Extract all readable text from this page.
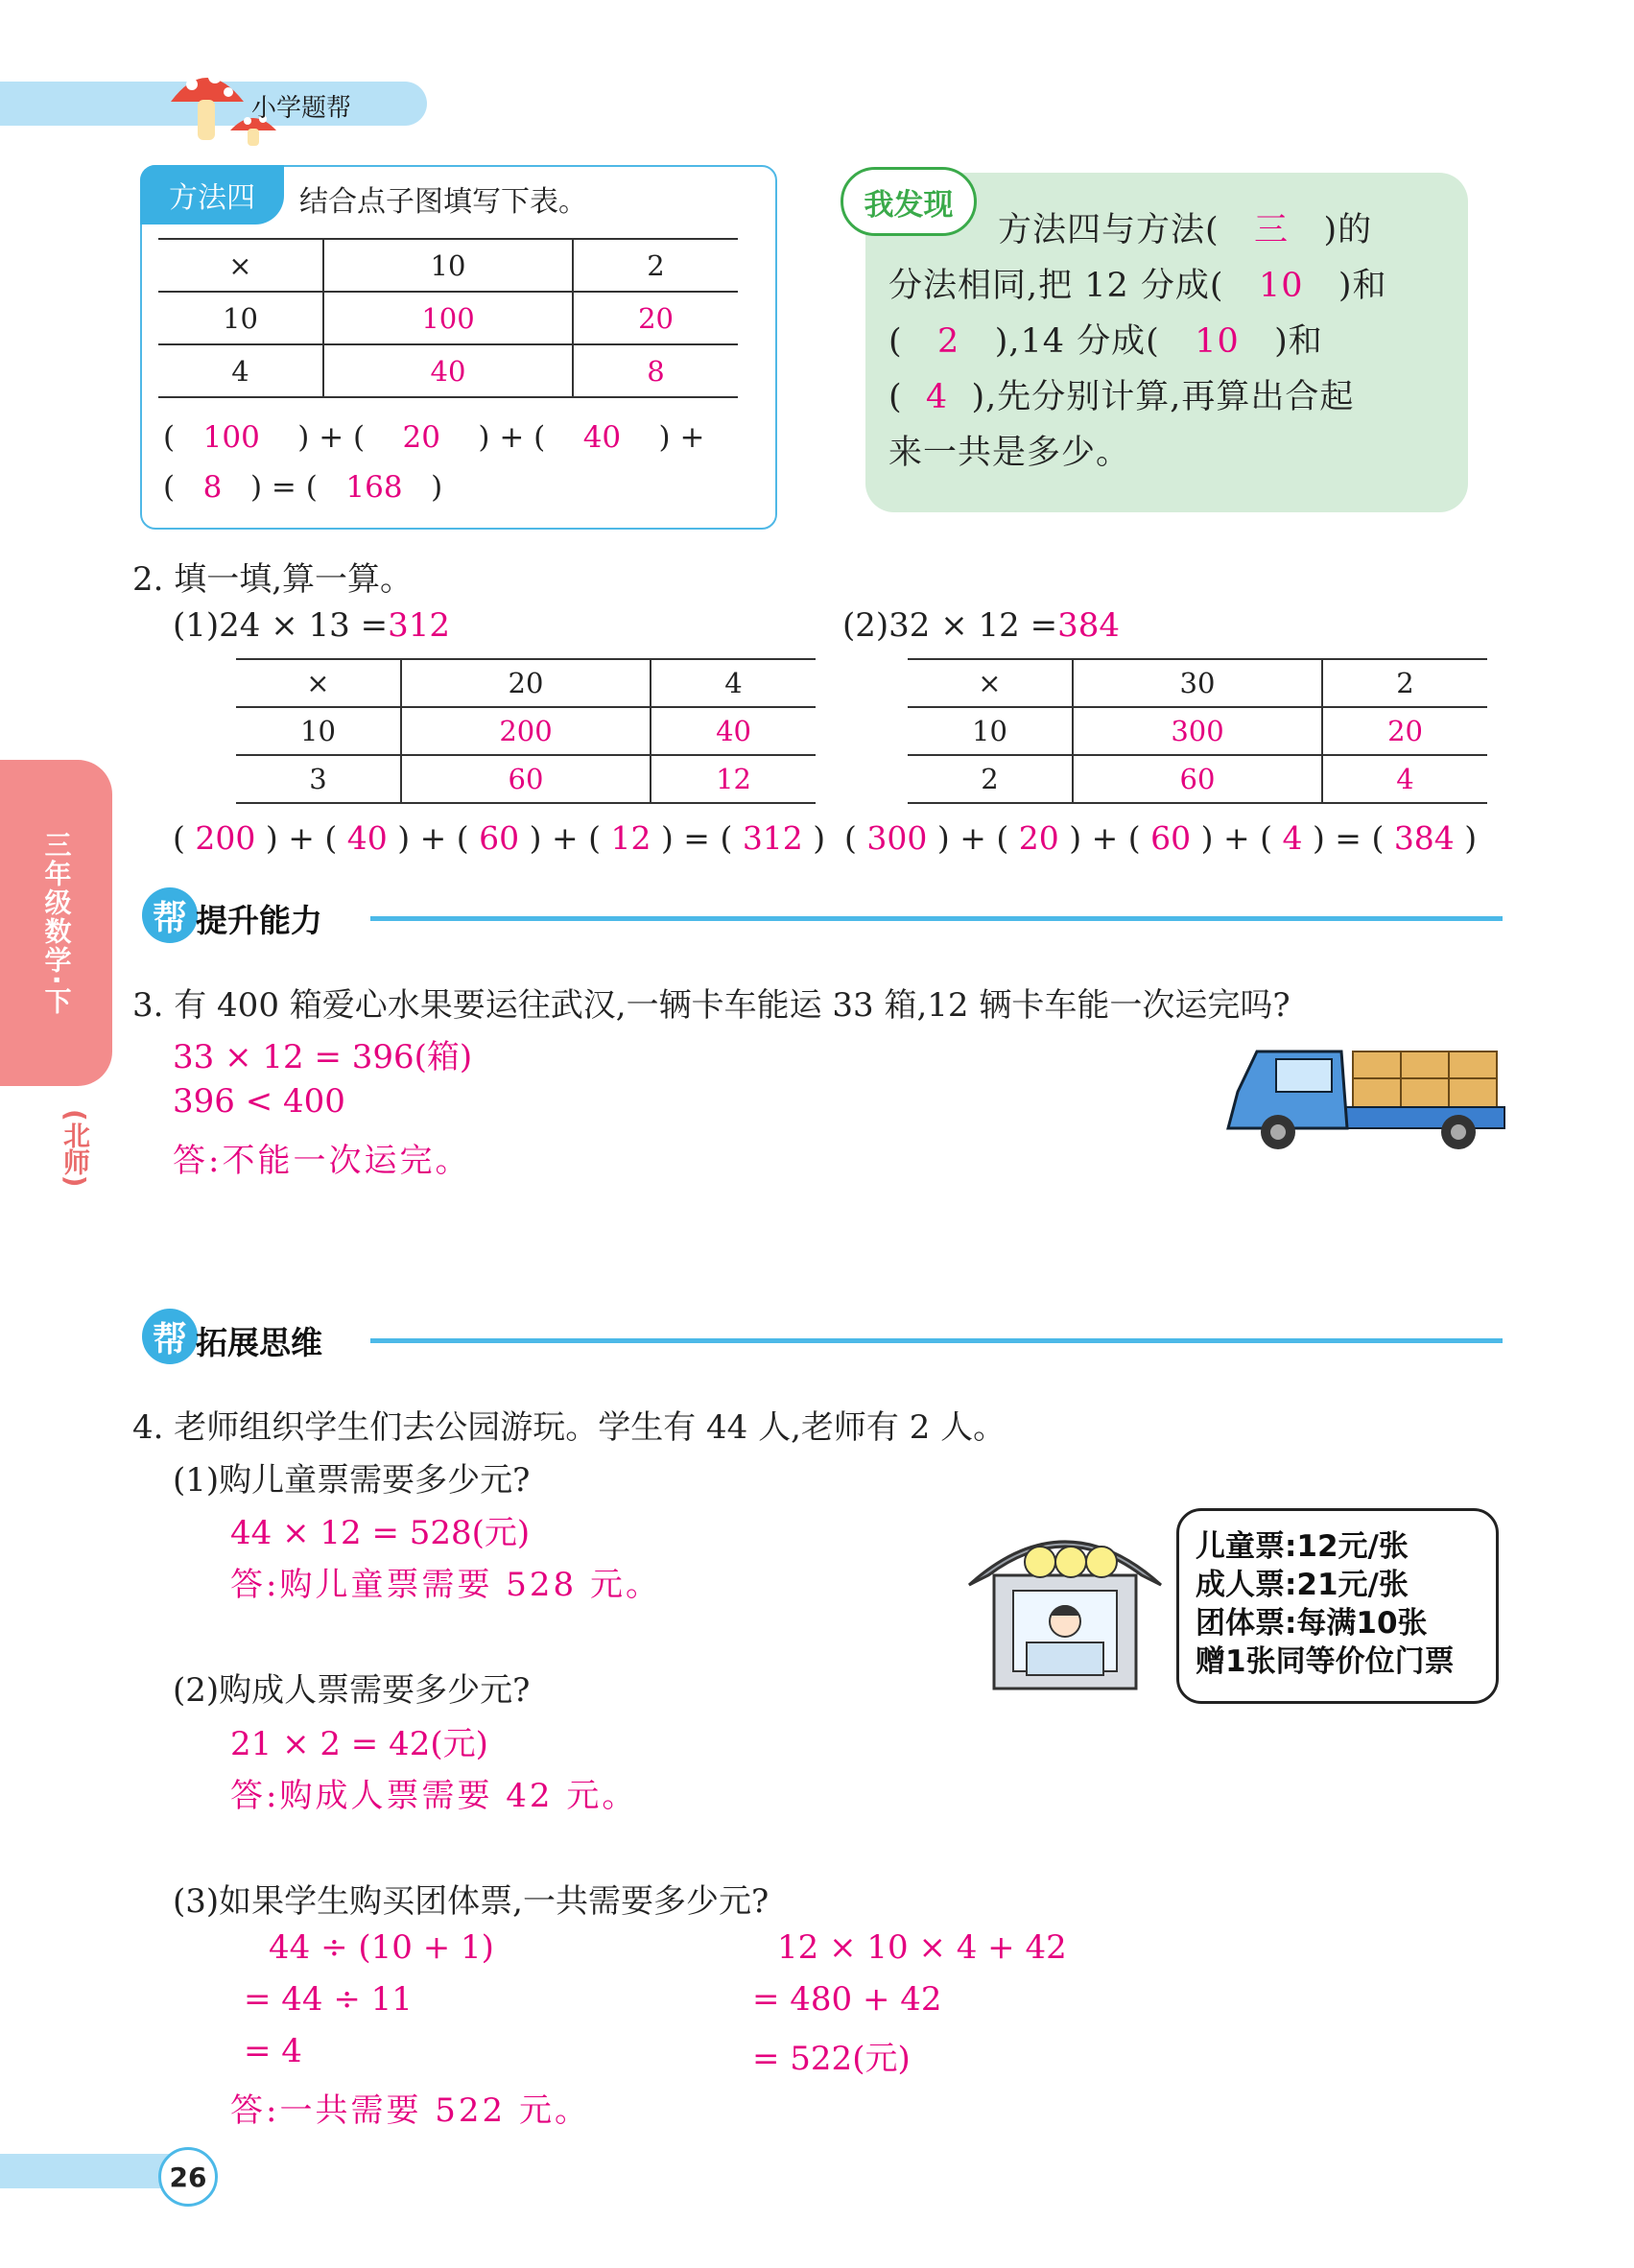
小学题帮
三年级数学·下
(北师)
方法四	结合点子图填写下表。
×	10	2
10	100	20
4	40	8
(   100    ) + (    20    ) + (    40    ) +
(   8   ) = (   168   )
我发现
方法四与方法( 三 )的
分法相同,把 12 分成( 10 )和
(   2 ),14 分成( 10 )和
(  4 ),先分别计算,再算出合起
来一共是多少。
2. 填一填,算一算。
(1)24 × 13 =312	(2)32 × 12 =384
×	20	4
10	200	40
3	60	12
×	30	2
10	300	20
2	60	4
( 200 ) + ( 40 ) + ( 60 ) + ( 12 ) = ( 312 ) ( 300 ) + ( 20 ) + ( 60 ) + ( 4 ) = ( 384 )
帮 提升能力
3. 有 400 箱爱心水果要运往武汉,一辆卡车能运 33 箱,12 辆卡车能一次运完吗?
33 × 12 = 396(箱)
396 < 400
答:不能一次运完。
帮 拓展思维
4. 老师组织学生们去公园游玩。学生有 44 人,老师有 2 人。
(1)购儿童票需要多少元?
44 × 12 = 528(元)
答:购儿童票需要 528 元。
(2)购成人票需要多少元?
21 × 2 = 42(元)
答:购成人票需要 42 元。
(3)如果学生购买团体票,一共需要多少元?
44 ÷ (10 + 1)
= 44 ÷ 11
= 4
12 × 10 × 4 + 42
= 480 + 42
= 522(元)
答:一共需要 522 元。
儿童票:12元/张
成人票:21元/张
团体票:每满10张
赠1张同等价位门票
26
